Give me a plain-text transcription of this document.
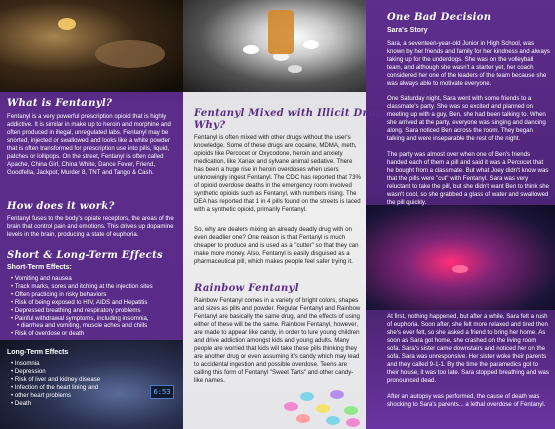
6:53
What is Fentanyl?

Fentanyl is a very powerful prescription opioid that is highly addictive. It is similar in make up to heroin and morphine and often produced in illegal, unregulated labs. Fentanyl may be snorted, injected or swallowed and looks like a white powder that is often transformed for prescription use into pills, liquid, patches or lollipops. On the street, Fentanyl is often called Apache, China Girl, China White, Dance Fever, Friend, Goodfella, Jackpot, Murder 8, TNT and Tango & Cash.

How does it work?

Fentanyl fuses to the body's opiate receptors, the areas of the brain that control pain and emotions. This drives up dopamine levels in the brain, producing a state of euphoria.

Short & Long-Term Effects

Short-Term Effects:

• Vomiting and nausea
• Track marks, sores and itching at the injection sites
• Often practicing in risky behaviors
• Risk of being exposed to HIV, AIDS and Hepatitis
• Depressed breathing and respiratory problems
• Painful withdrawal symptoms, including insomnia,
• diarrhea and vomiting, muscle aches and chills
• Risk of overdose or death

Long-Term Effects

• Insomnia
• Depression
• Risk of liver and kidney disease
• Infection of the heart lining and
• other heart problems
• Death
Fentanyl Mixed with Illicit Drugs...
Why?

Fentanyl is often mixed with other drugs without the user's knowledge. Some of these drugs are cocaine, MDMA, meth, opioids like Percocet or Oxycodone, heroin and anxiety medication, like Xanax and sylvane animal sedative. There has been a huge rise in heroin overdoses when users unknowingly ingest Fentanyl. The CDC has reported that 73% of opioid overdose deaths in the emergency room involved synthetic opioids such as Fentanyl, with numbers rising. The DEA has reported that 1 in 4 pills found on the streets is laced with a synthetic opioid, primarily Fentanyl.

So, why are dealers mixing an already deadly drug with on even deadlier one? One reason is that Fentanyl is much cheaper to produce and is used as a "cutter" so that they can make more money. Also, Fentanyl is easily disguised as a pharmaceutical pill, which makes people feel safer trying it.

Rainbow Fentanyl

Rainbow Fentanyl comes in a variety of bright colors, shapes and sizes as pills and powder. Regular Fentanyl and Rainbow Fentanyl are basically the same drug, and the effects of using either of these will be the same. Rainbow Fentanyl, however, are made to appear like candy, in order to lure young children and drive addiction amongst kids and young adults. Many people are worried that kids will take these pills thinking they are another drug or even assuming it's candy which may lead to accidental ingestion and possible overdose. Teens are calling this form of Fentanyl "Sweet Tarts" and other candy-like names.

One Bad Decision

Sara's Story

Sara, a seventeen-year-old Junior in High School, was known by her friends and family for her kindness and always taking up for the underdogs. She was on the volleyball team, and although she wasn't a starter yet, her coach considered her one of the leaders of the team because she was always able to motivate everyone.

One Saturday night, Sara went with some friends to a classmate's party. She was so excited and planned on meeting up with a guy, Ben, she had been talking to. When she arrived at the party, everyone was singing and dancing along. Sara noticed Ben across the room. They began talking and were inseparable the rest of the night.

The party was almost over when one of Ben's friends handed each of them a pill and said it was a Percocet that he bought from a classmate. But what Joey didn't know was that the pills were "cut" with Fentanyl. Sara was very reluctant to take the pill, but she didn't want Ben to think she wasn't cool, so she grabbed a glass of water and swallowed the pill quickly.

At first, nothing happened, but after a while, Sara felt a rush of euphoria. Soon after, she felt more relaxed and tired then she's ever felt, so she asked a friend to bring her home. As soon as Sara got home, she crashed on the living room sofa. Sara's sister came downstairs and noticed her on the sofa. Sara was unresponsive. Her sister woke their parents and they called 9-1-1. By the time the paramedics got to their house, it was too late. Sara stopped breathing and was pronounced dead.

After an autopsy was performed, the cause of death was shocking to Sara's parents... a lethal overdose of Fentanyl.
